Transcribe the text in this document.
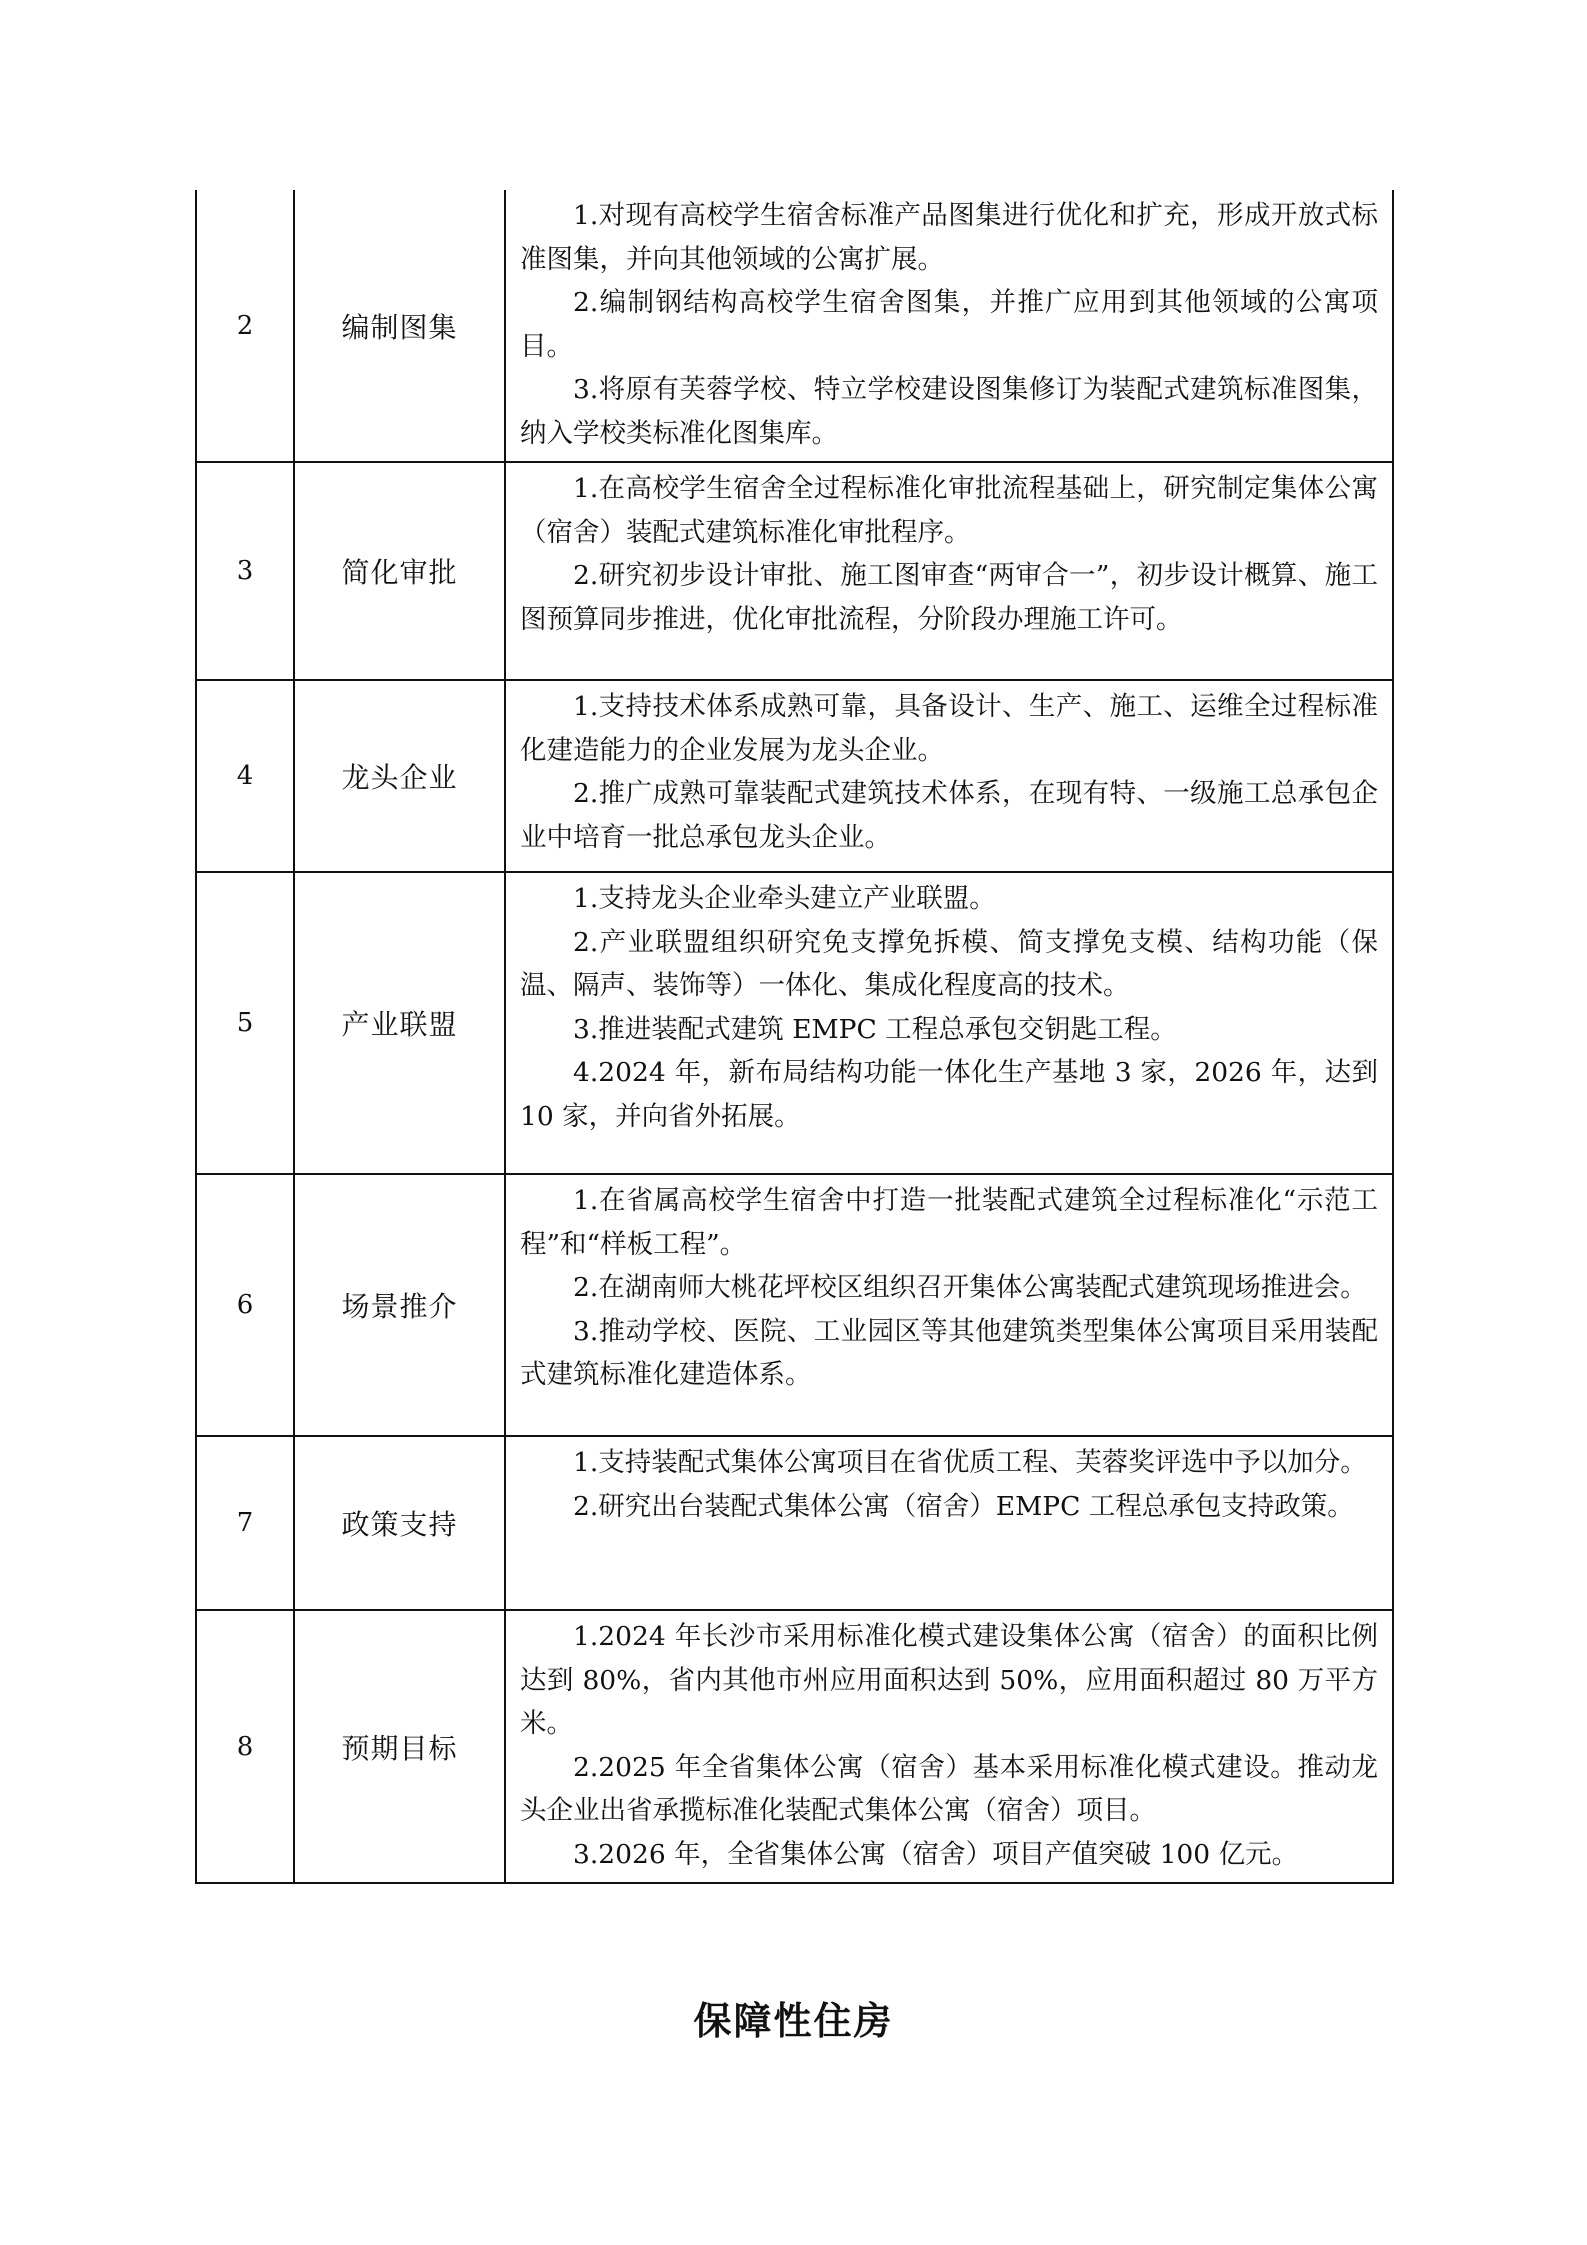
2	编制图集	1.对现有高校学生宿舍标准产品图集进行优化和扩充，形成开放式标准图集，并向其他领域的公寓扩展。

2.编制钢结构高校学生宿舍图集，并推广应用到其他领域的公寓项目。

3.将原有芙蓉学校、特立学校建设图集修订为装配式建筑标准图集，纳入学校类标准化图集库。

3	简化审批	1.在高校学生宿舍全过程标准化审批流程基础上，研究制定集体公寓（宿舍）装配式建筑标准化审批程序。

2.研究初步设计审批、施工图审查“两审合一”，初步设计概算、施工图预算同步推进，优化审批流程，分阶段办理施工许可。

4	龙头企业	1.支持技术体系成熟可靠，具备设计、生产、施工、运维全过程标准化建造能力的企业发展为龙头企业。

2.推广成熟可靠装配式建筑技术体系，在现有特、一级施工总承包企业中培育一批总承包龙头企业。

5	产业联盟	1.支持龙头企业牵头建立产业联盟。

2.产业联盟组织研究免支撑免拆模、简支撑免支模、结构功能（保温、隔声、装饰等）一体化、集成化程度高的技术。

3.推进装配式建筑 EMPC 工程总承包交钥匙工程。

4.2024 年，新布局结构功能一体化生产基地 3 家，2026 年，达到 10 家，并向省外拓展。

6	场景推介	1.在省属高校学生宿舍中打造一批装配式建筑全过程标准化“示范工程”和“样板工程”。

2.在湖南师大桃花坪校区组织召开集体公寓装配式建筑现场推进会。

3.推动学校、医院、工业园区等其他建筑类型集体公寓项目采用装配式建筑标准化建造体系。

7	政策支持	1.支持装配式集体公寓项目在省优质工程、芙蓉奖评选中予以加分。

2.研究出台装配式集体公寓（宿舍）EMPC 工程总承包支持政策。

8	预期目标	1.2024 年长沙市采用标准化模式建设集体公寓（宿舍）的面积比例达到 80%，省内其他市州应用面积达到 50%，应用面积超过 80 万平方米。

2.2025 年全省集体公寓（宿舍）基本采用标准化模式建设。推动龙头企业出省承揽标准化装配式集体公寓（宿舍）项目。

3.2026 年，全省集体公寓（宿舍）项目产值突破 100 亿元。

保障性住房
